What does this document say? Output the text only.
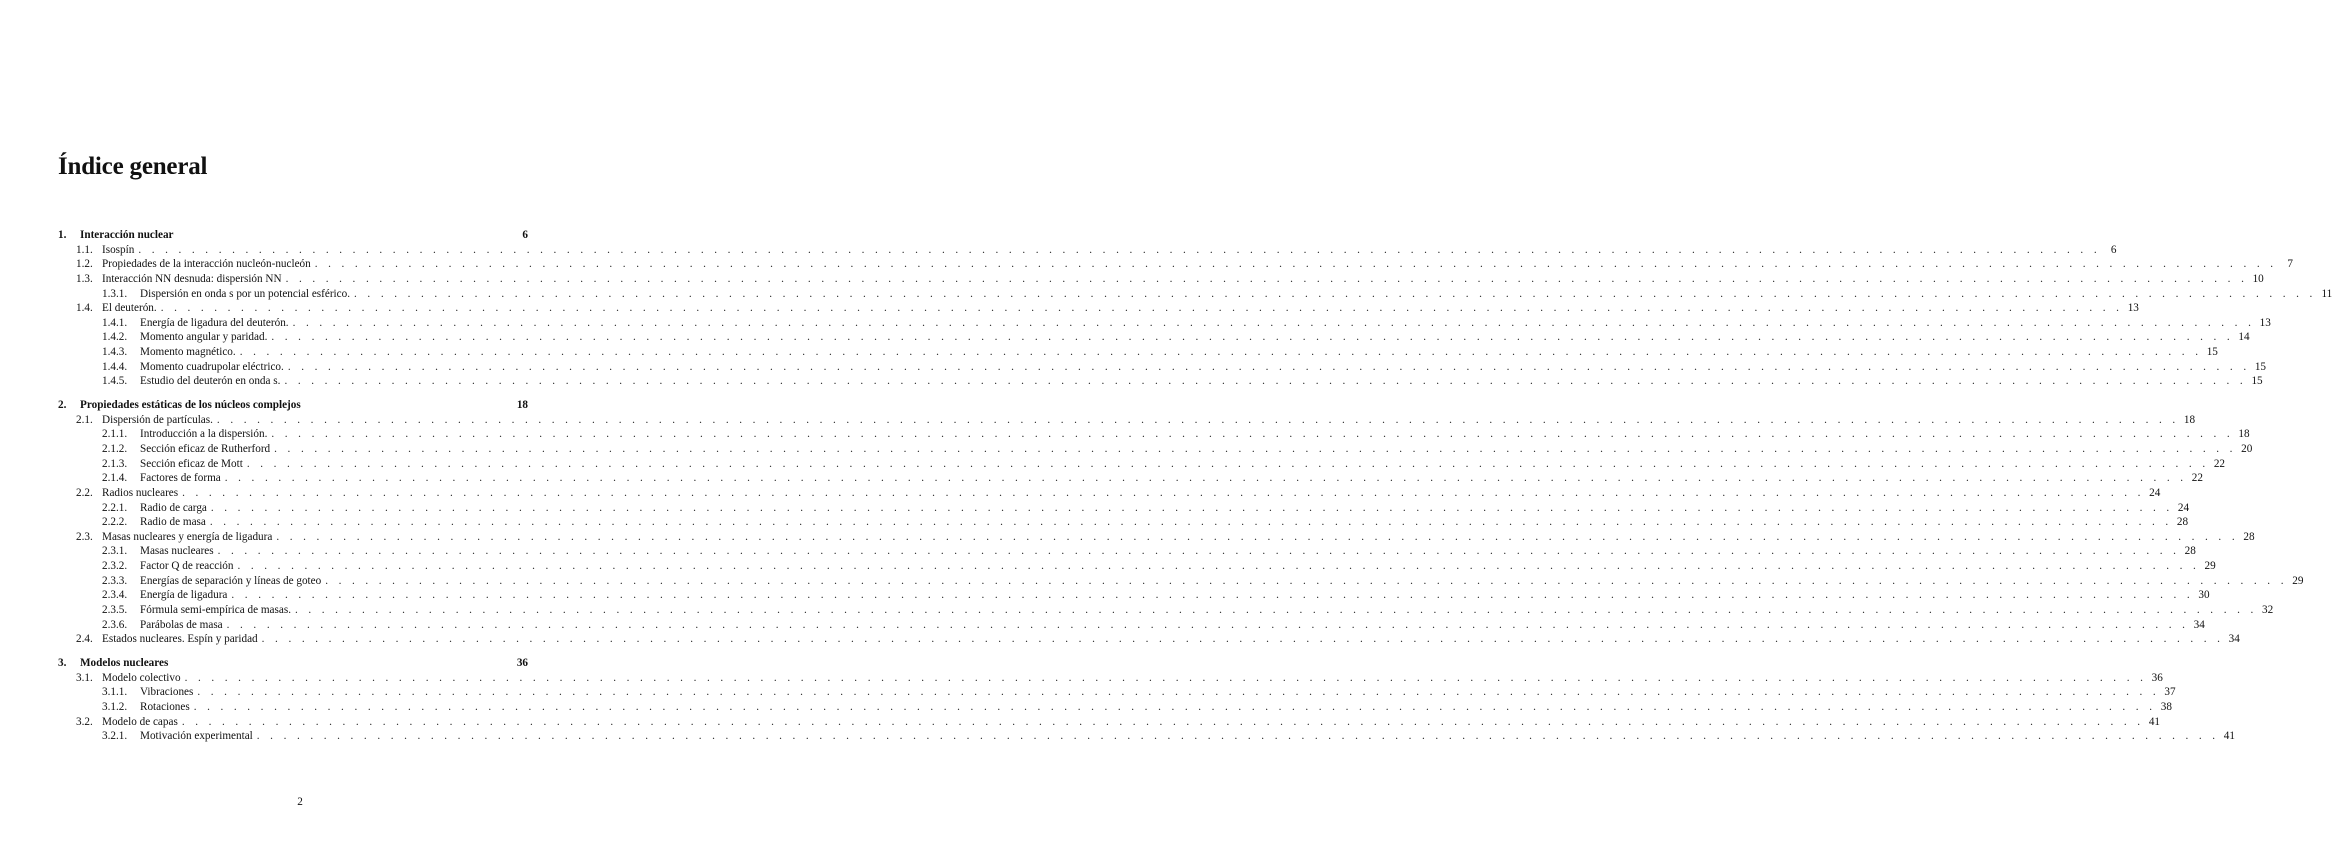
Índice general
1.	Interacción nuclear	6
1.1. Isospín . . .	6
1.2. Propiedades de la interacción nucleón-nucleón . . .	7
1.3. Interacción NN desnuda: dispersión NN . . .	10
1.3.1.	Dispersión en onda s por un potencial esférico. . . .	11
1.4. El deuterón. . . .	13
1.4.1.	Energía de ligadura del deuterón. . . .	13
1.4.2.	Momento angular y paridad. . . .	14
1.4.3.	Momento magnético. . . .	15
1.4.4.	Momento cuadrupolar eléctrico. . . .	15
1.4.5.	Estudio del deuterón en onda s. . . .	15
2.	Propiedades estáticas de los núcleos complejos	18
2.1. Dispersión de partículas. . . .	18
2.1.1.	Introducción a la dispersión. . . .	18
2.1.2.	Sección eficaz de Rutherford . . .	20
2.1.3.	Sección eficaz de Mott . . .	22
2.1.4.	Factores de forma . . .	22
2.2. Radios nucleares . . .	24
2.2.1.	Radio de carga . . .	24
2.2.2.	Radio de masa . . .	28
2.3. Masas nucleares y energía de ligadura . . .	28
2.3.1.	Masas nucleares . . .	28
2.3.2.	Factor Q de reacción . . .	29
2.3.3.	Energías de separación y líneas de goteo . . .	29
2.3.4.	Energía de ligadura . . .	30
2.3.5.	Fórmula semi-empírica de masas. . . .	32
2.3.6.	Parábolas de masa . . .	34
2.4. Estados nucleares. Espín y paridad . . .	34
3.	Modelos nucleares	36
3.1. Modelo colectivo . . .	36
3.1.1.	Vibraciones . . .	37
3.1.2.	Rotaciones . . .	38
3.2. Modelo de capas . . .	41
3.2.1.	Motivación experimental . . .	41
2
